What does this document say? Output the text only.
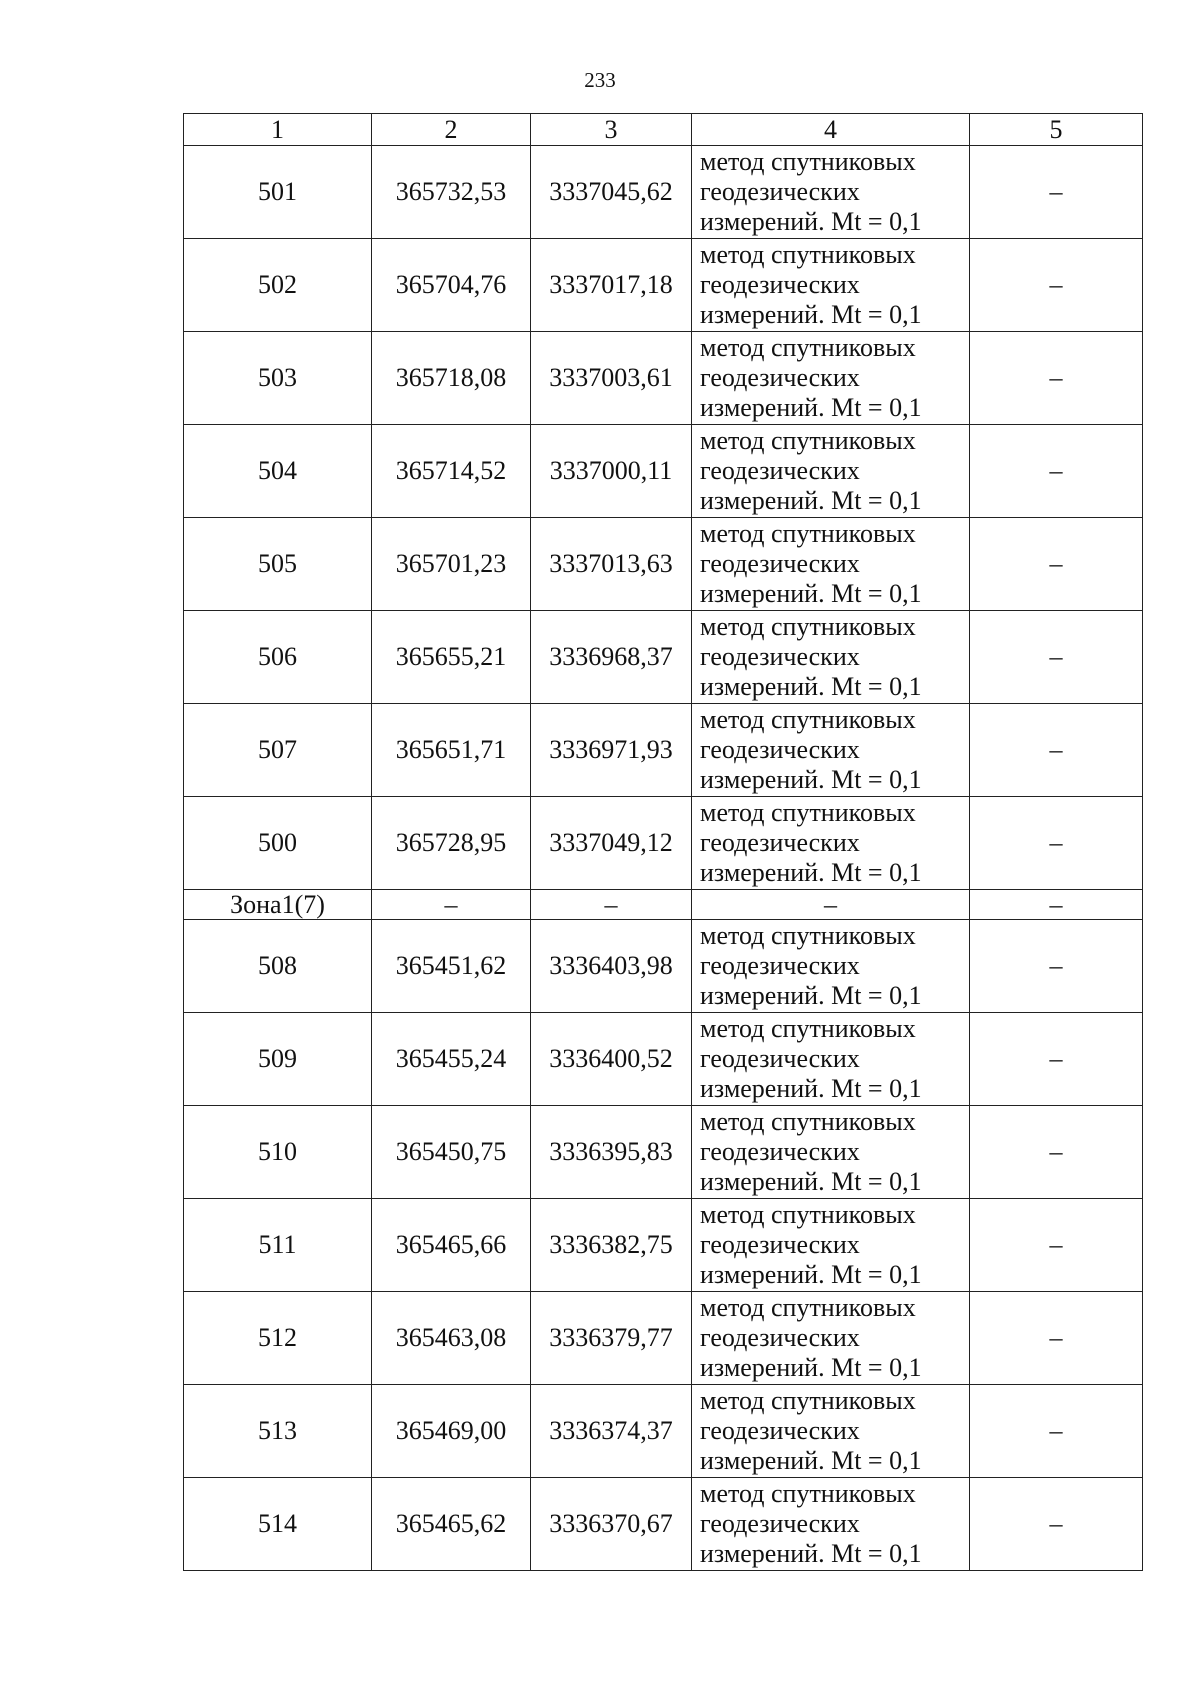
233
1	2	3	4	5
501	365732,53	3337045,62	метод спутниковых
геодезических
измерений. Mt = 0,1	–
502	365704,76	3337017,18	метод спутниковых
геодезических
измерений. Mt = 0,1	–
503	365718,08	3337003,61	метод спутниковых
геодезических
измерений. Mt = 0,1	–
504	365714,52	3337000,11	метод спутниковых
геодезических
измерений. Mt = 0,1	–
505	365701,23	3337013,63	метод спутниковых
геодезических
измерений. Mt = 0,1	–
506	365655,21	3336968,37	метод спутниковых
геодезических
измерений. Mt = 0,1	–
507	365651,71	3336971,93	метод спутниковых
геодезических
измерений. Mt = 0,1	–
500	365728,95	3337049,12	метод спутниковых
геодезических
измерений. Mt = 0,1	–
Зона1(7)	–	–	–	–
508	365451,62	3336403,98	метод спутниковых
геодезических
измерений. Mt = 0,1	–
509	365455,24	3336400,52	метод спутниковых
геодезических
измерений. Mt = 0,1	–
510	365450,75	3336395,83	метод спутниковых
геодезических
измерений. Mt = 0,1	–
511	365465,66	3336382,75	метод спутниковых
геодезических
измерений. Mt = 0,1	–
512	365463,08	3336379,77	метод спутниковых
геодезических
измерений. Mt = 0,1	–
513	365469,00	3336374,37	метод спутниковых
геодезических
измерений. Mt = 0,1	–
514	365465,62	3336370,67	метод спутниковых
геодезических
измерений. Mt = 0,1	–
